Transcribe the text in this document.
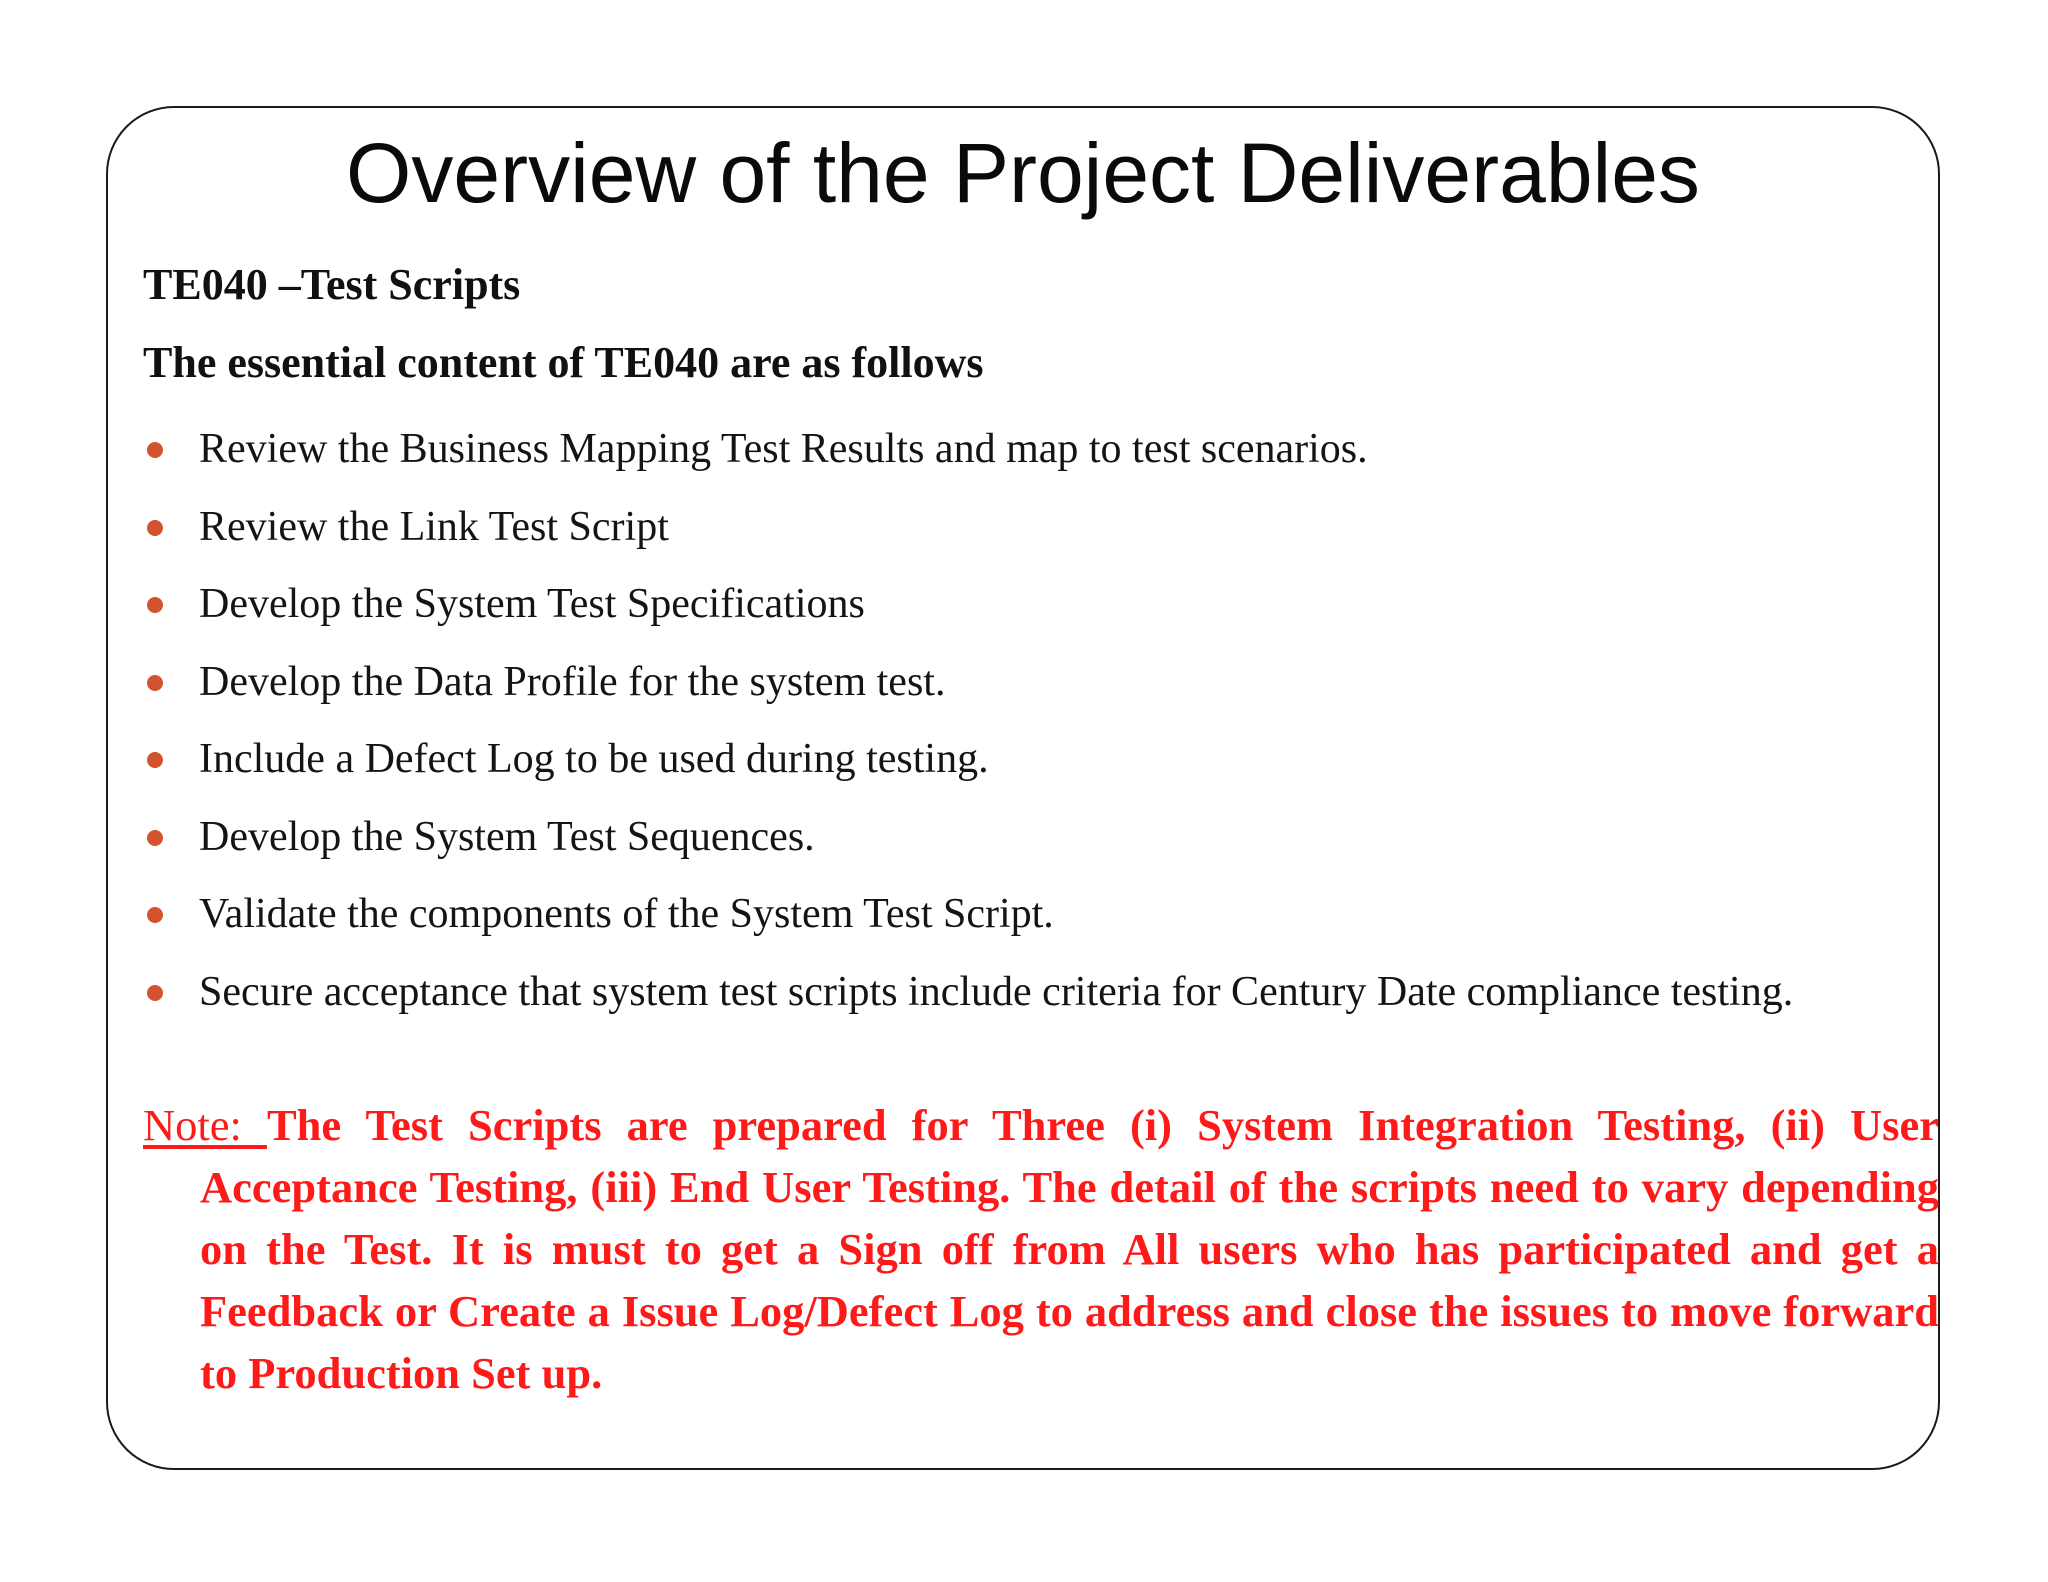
Overview of the Project Deliverables

TE040 –Test Scripts

The essential content of TE040 are as follows

Review the Business Mapping Test Results and map to test scenarios.
Review the Link Test Script
Develop the System Test Specifications
Develop the Data Profile for the system test.
Include a Defect Log to be used during testing.
Develop the System Test Sequences.
Validate the components of the System Test Script.
Secure acceptance that system test scripts include criteria for Century Date compliance testing.

Note: The Test Scripts are prepared for Three (i) System Integration Testing, (ii) User Acceptance Testing, (iii) End User Testing. The detail of the scripts need to vary depending on the Test. It is must to get a Sign off from All users who has participated and get a Feedback or Create a Issue Log/Defect Log to address and close the issues to move forward to Production Set up.
